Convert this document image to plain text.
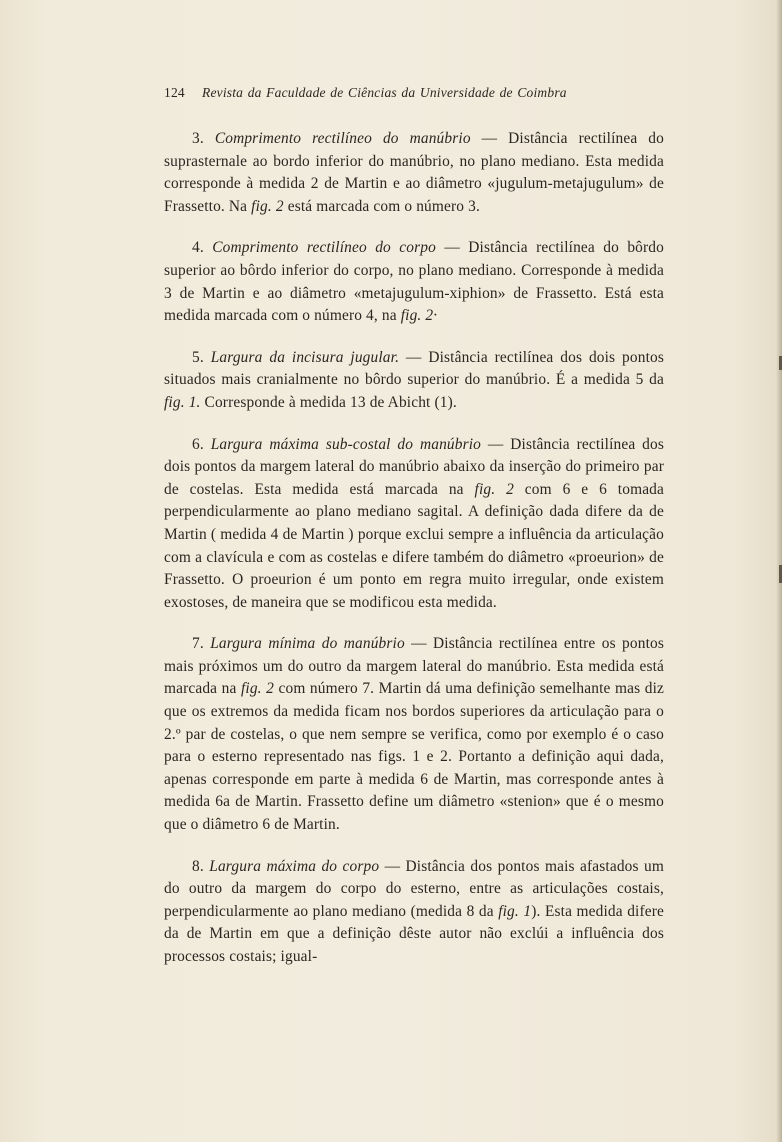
124 Revista da Faculdade de Ciências da Universidade de Coimbra

3. Comprimento rectilíneo do manúbrio — Distância rectilínea do suprasternale ao bordo inferior do manúbrio, no plano mediano. Esta medida corresponde à medida 2 de Martin e ao diâmetro «jugulum-metajugulum» de Frassetto. Na fig. 2 está marcada com o número 3.

4. Comprimento rectilíneo do corpo — Distância rectilínea do bôrdo superior ao bôrdo inferior do corpo, no plano mediano. Corresponde à medida 3 de Martin e ao diâmetro «metajugulum-xiphion» de Frassetto. Está esta medida marcada com o número 4, na fig. 2·

5. Largura da incisura jugular. — Distância rectilínea dos dois pontos situados mais cranialmente no bôrdo superior do manúbrio. É a medida 5 da fig. 1. Corresponde à medida 13 de Abicht (1).

6. Largura máxima sub-costal do manúbrio — Distância rectilínea dos dois pontos da margem lateral do manúbrio abaixo da inserção do primeiro par de costelas. Esta medida está marcada na fig. 2 com 6 e 6 tomada perpendicularmente ao plano mediano sagital. A definição dada difere da de Martin ( medida 4 de Martin ) porque exclui sempre a influência da articulação com a clavícula e com as costelas e difere também do diâmetro «proeurion» de Frassetto. O proeurion é um ponto em regra muito irregular, onde existem exostoses, de maneira que se modificou esta medida.

7. Largura mínima do manúbrio — Distância rectilínea entre os pontos mais próximos um do outro da margem lateral do manúbrio. Esta medida está marcada na fig. 2 com número 7. Martin dá uma definição semelhante mas diz que os extremos da medida ficam nos bordos superiores da articulação para o 2.º par de costelas, o que nem sempre se verifica, como por exemplo é o caso para o esterno representado nas figs. 1 e 2. Portanto a definição aqui dada, apenas corresponde em parte à medida 6 de Martin, mas corresponde antes à medida 6a de Martin. Frassetto define um diâmetro «stenion» que é o mesmo que o diâmetro 6 de Martin.

8. Largura máxima do corpo — Distância dos pontos mais afastados um do outro da margem do corpo do esterno, entre as articulações costais, perpendicularmente ao plano mediano (medida 8 da fig. 1). Esta medida difere da de Martin em que a definição dêste autor não exclúi a influência dos processos costais; igual-
